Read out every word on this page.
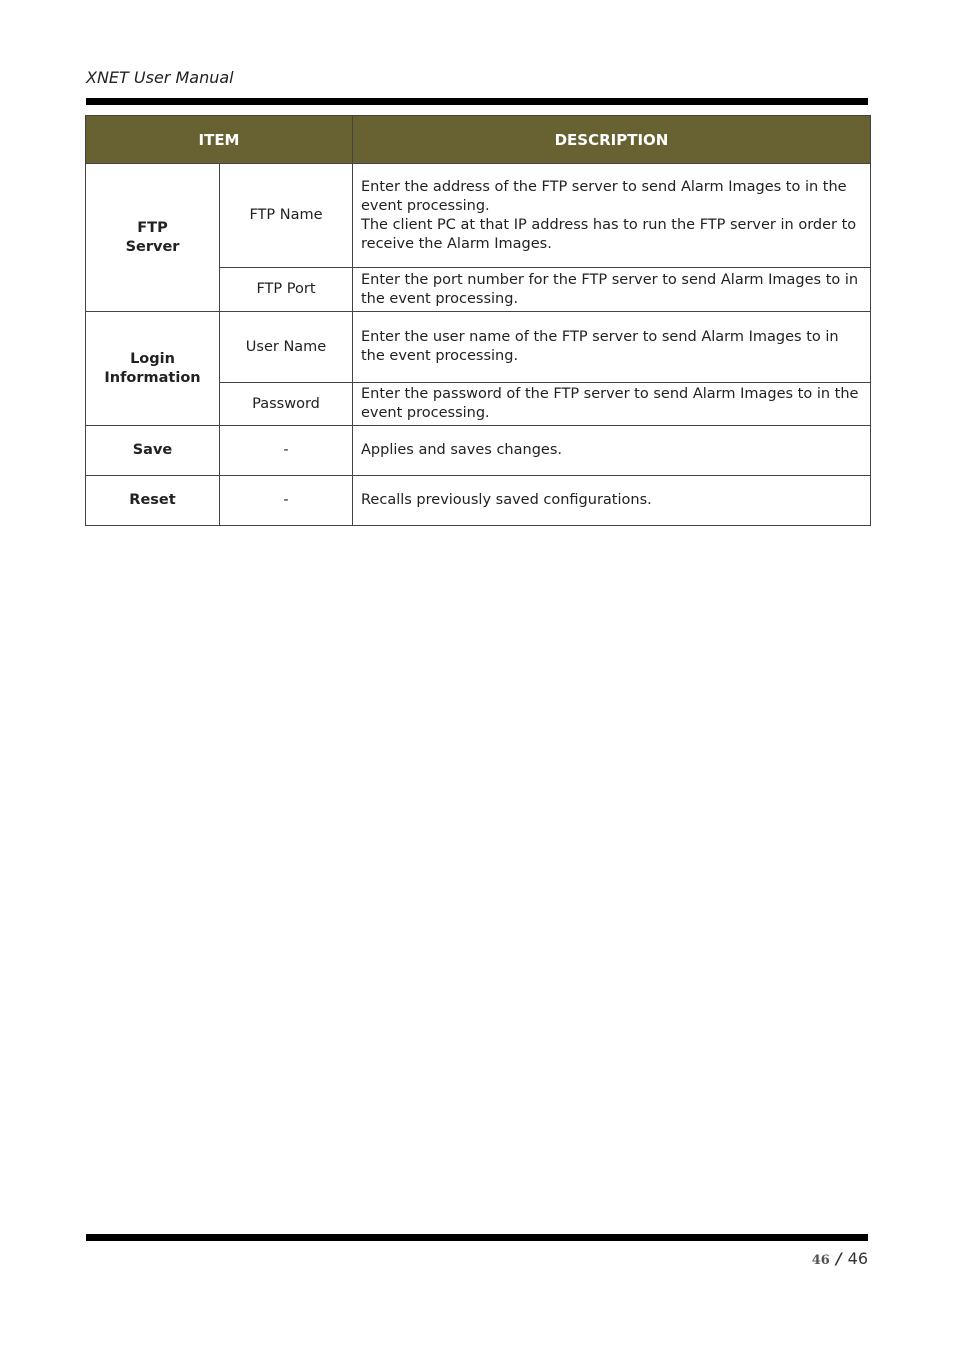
XNET User Manual
ITEM		DESCRIPTION
FTP
Server	FTP Name	Enter the address of the FTP server to send Alarm Images to in the event processing.
The client PC at that IP address has to run the FTP server in order to receive the Alarm Images.
	FTP Port	Enter the port number for the FTP server to send Alarm Images to in the event processing.
Login
Information	User Name	Enter the user name of the FTP server to send Alarm Images to in the event processing.
	Password	Enter the password of the FTP server to send Alarm Images to in the event processing.
Save	-	Applies and saves changes.
Reset	-	Recalls previously saved configurations.
46 / 46
